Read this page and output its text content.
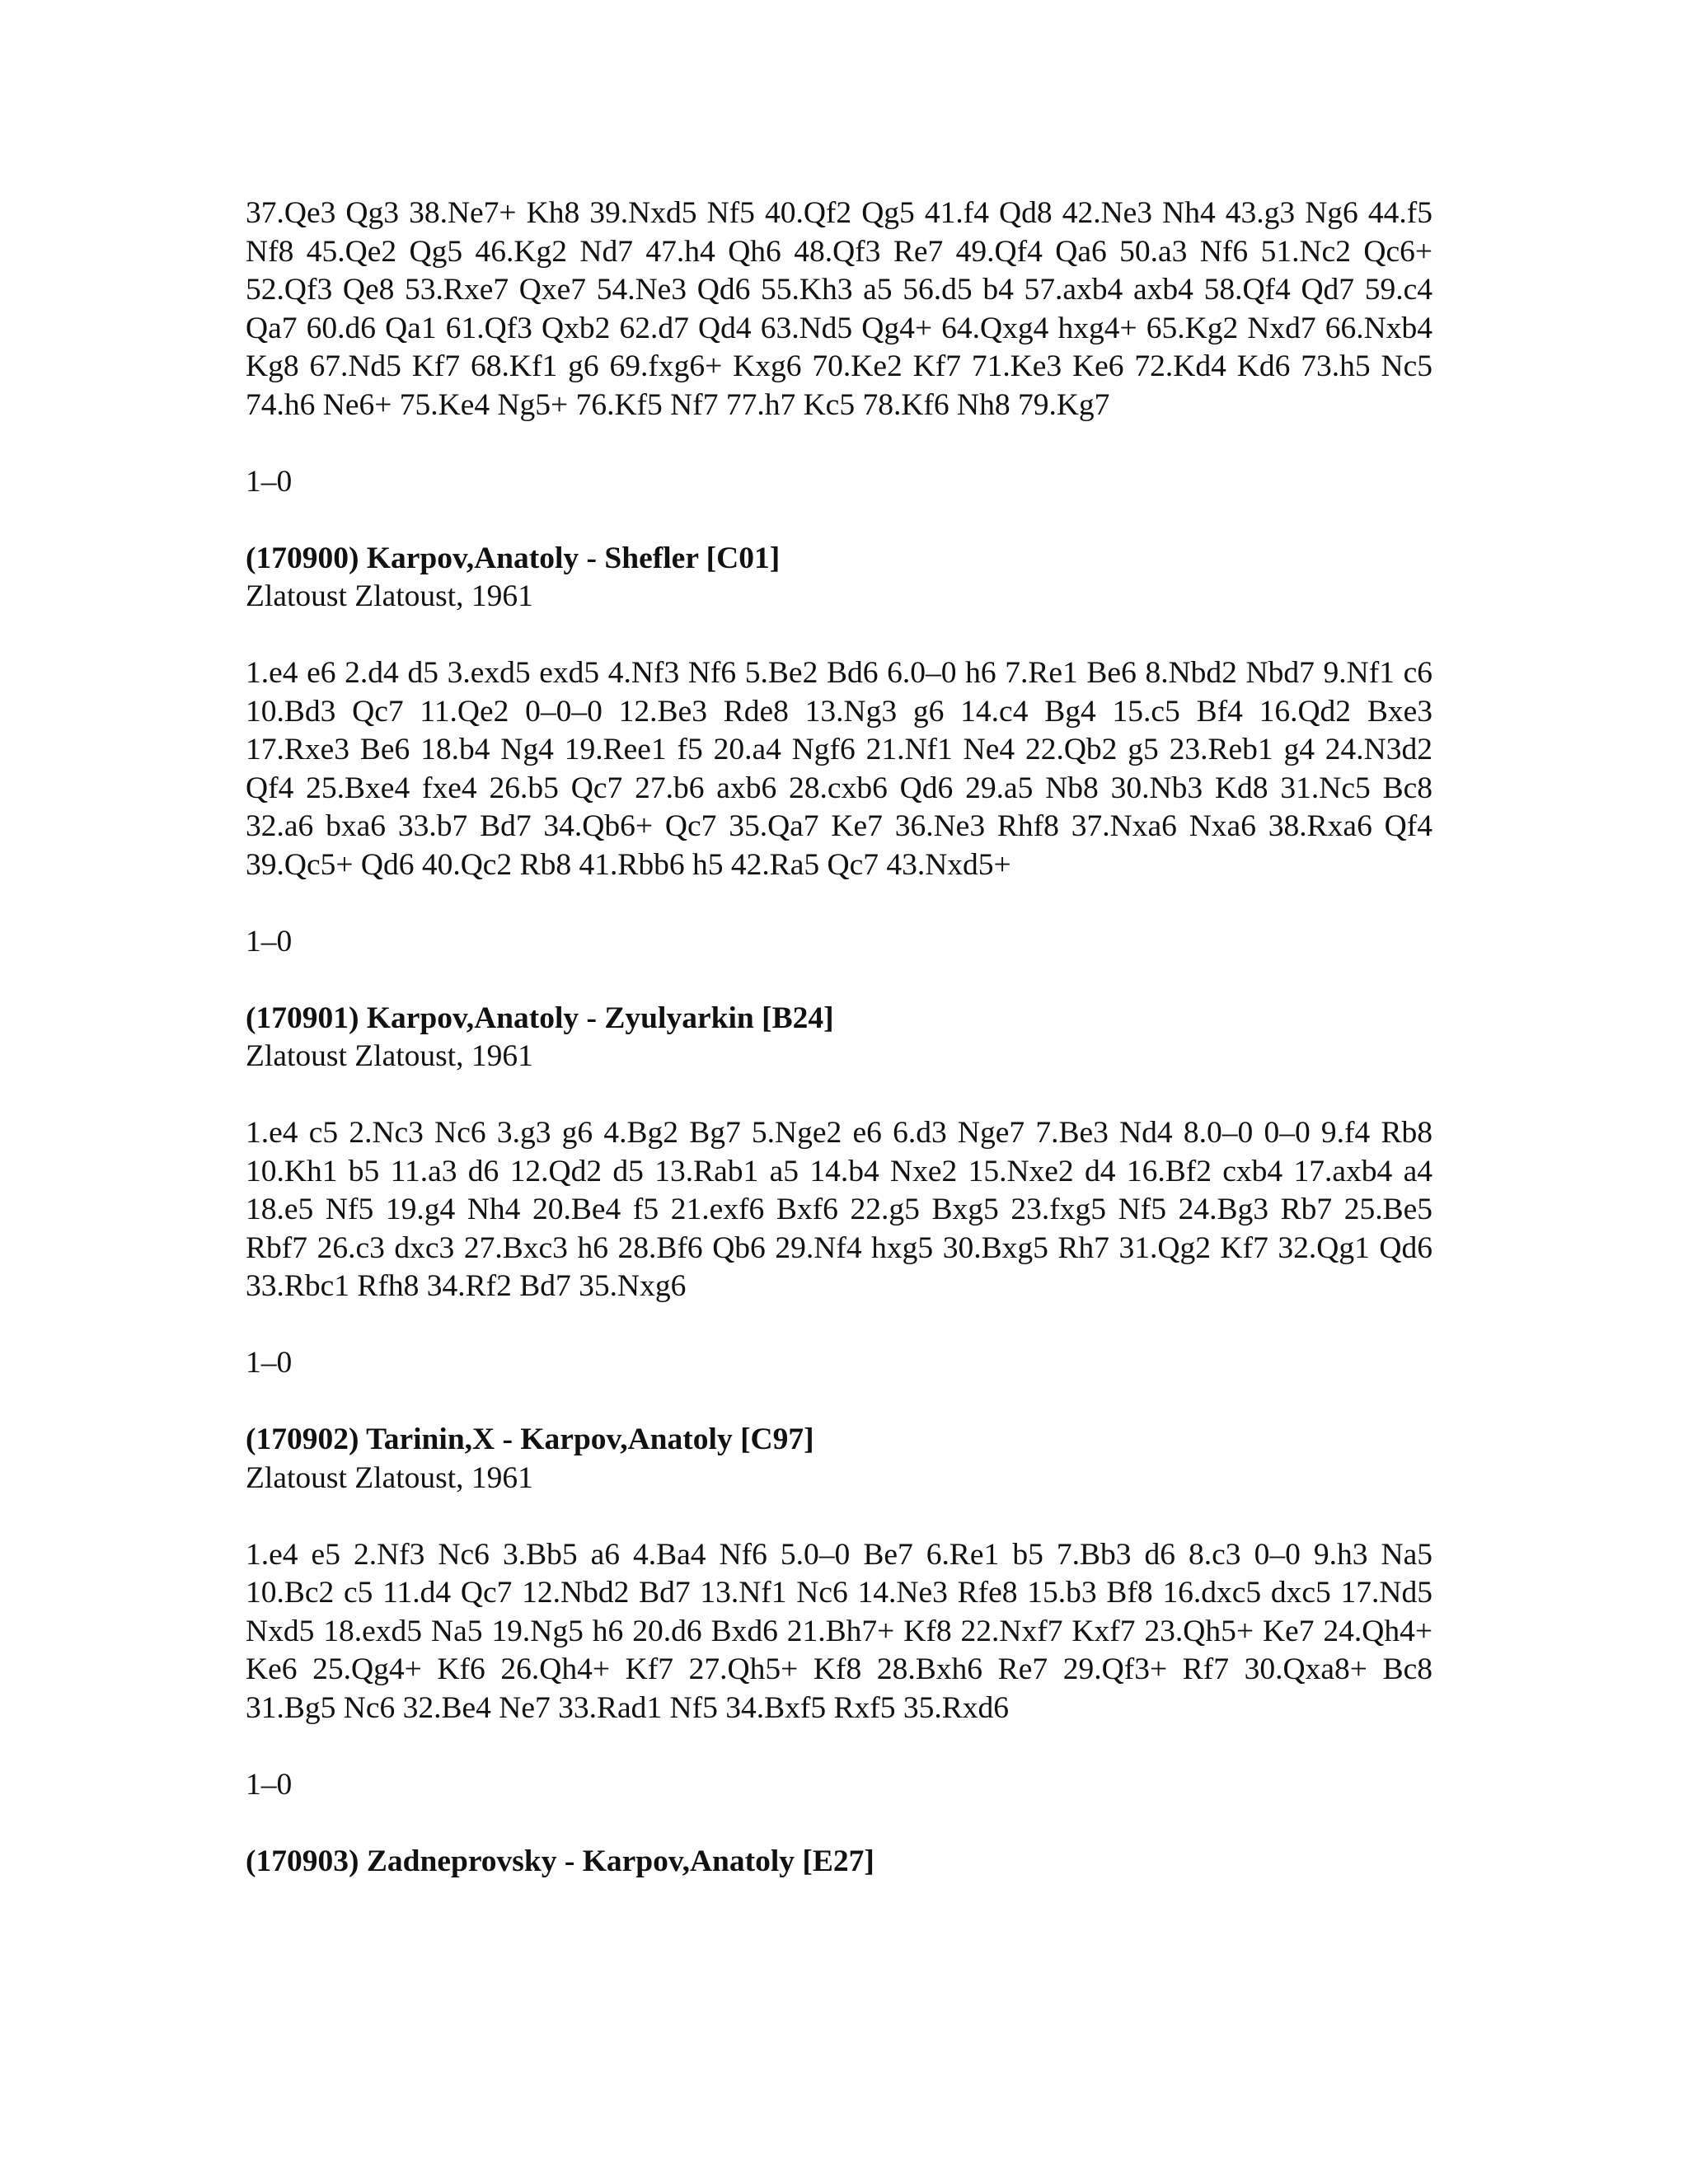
37.Qe3 Qg3 38.Ne7+ Kh8 39.Nxd5 Nf5 40.Qf2 Qg5 41.f4 Qd8 42.Ne3 Nh4 43.g3 Ng6 44.f5 Nf8 45.Qe2 Qg5 46.Kg2 Nd7 47.h4 Qh6 48.Qf3 Re7 49.Qf4 Qa6 50.a3 Nf6 51.Nc2 Qc6+ 52.Qf3 Qe8 53.Rxe7 Qxe7 54.Ne3 Qd6 55.Kh3 a5 56.d5 b4 57.axb4 axb4 58.Qf4 Qd7 59.c4 Qa7 60.d6 Qa1 61.Qf3 Qxb2 62.d7 Qd4 63.Nd5 Qg4+ 64.Qxg4 hxg4+ 65.Kg2 Nxd7 66.Nxb4 Kg8 67.Nd5 Kf7 68.Kf1 g6 69.fxg6+ Kxg6 70.Ke2 Kf7 71.Ke3 Ke6 72.Kd4 Kd6 73.h5 Nc5 74.h6 Ne6+ 75.Ke4 Ng5+ 76.Kf5 Nf7 77.h7 Kc5 78.Kf6 Nh8 79.Kg7

1–0

(170900) Karpov,Anatoly - Shefler [C01]

Zlatoust Zlatoust, 1961

1.e4 e6 2.d4 d5 3.exd5 exd5 4.Nf3 Nf6 5.Be2 Bd6 6.0–0 h6 7.Re1 Be6 8.Nbd2 Nbd7 9.Nf1 c6 10.Bd3 Qc7 11.Qe2 0–0–0 12.Be3 Rde8 13.Ng3 g6 14.c4 Bg4 15.c5 Bf4 16.Qd2 Bxe3 17.Rxe3 Be6 18.b4 Ng4 19.Ree1 f5 20.a4 Ngf6 21.Nf1 Ne4 22.Qb2 g5 23.Reb1 g4 24.N3d2 Qf4 25.Bxe4 fxe4 26.b5 Qc7 27.b6 axb6 28.cxb6 Qd6 29.a5 Nb8 30.Nb3 Kd8 31.Nc5 Bc8 32.a6 bxa6 33.b7 Bd7 34.Qb6+ Qc7 35.Qa7 Ke7 36.Ne3 Rhf8 37.Nxa6 Nxa6 38.Rxa6 Qf4 39.Qc5+ Qd6 40.Qc2 Rb8 41.Rbb6 h5 42.Ra5 Qc7 43.Nxd5+

1–0

(170901) Karpov,Anatoly - Zyulyarkin [B24]

Zlatoust Zlatoust, 1961

1.e4 c5 2.Nc3 Nc6 3.g3 g6 4.Bg2 Bg7 5.Nge2 e6 6.d3 Nge7 7.Be3 Nd4 8.0–0 0–0 9.f4 Rb8 10.Kh1 b5 11.a3 d6 12.Qd2 d5 13.Rab1 a5 14.b4 Nxe2 15.Nxe2 d4 16.Bf2 cxb4 17.axb4 a4 18.e5 Nf5 19.g4 Nh4 20.Be4 f5 21.exf6 Bxf6 22.g5 Bxg5 23.fxg5 Nf5 24.Bg3 Rb7 25.Be5 Rbf7 26.c3 dxc3 27.Bxc3 h6 28.Bf6 Qb6 29.Nf4 hxg5 30.Bxg5 Rh7 31.Qg2 Kf7 32.Qg1 Qd6 33.Rbc1 Rfh8 34.Rf2 Bd7 35.Nxg6

1–0

(170902) Tarinin,X - Karpov,Anatoly [C97]

Zlatoust Zlatoust, 1961

1.e4 e5 2.Nf3 Nc6 3.Bb5 a6 4.Ba4 Nf6 5.0–0 Be7 6.Re1 b5 7.Bb3 d6 8.c3 0–0 9.h3 Na5 10.Bc2 c5 11.d4 Qc7 12.Nbd2 Bd7 13.Nf1 Nc6 14.Ne3 Rfe8 15.b3 Bf8 16.dxc5 dxc5 17.Nd5 Nxd5 18.exd5 Na5 19.Ng5 h6 20.d6 Bxd6 21.Bh7+ Kf8 22.Nxf7 Kxf7 23.Qh5+ Ke7 24.Qh4+ Ke6 25.Qg4+ Kf6 26.Qh4+ Kf7 27.Qh5+ Kf8 28.Bxh6 Re7 29.Qf3+ Rf7 30.Qxa8+ Bc8 31.Bg5 Nc6 32.Be4 Ne7 33.Rad1 Nf5 34.Bxf5 Rxf5 35.Rxd6

1–0

(170903) Zadneprovsky - Karpov,Anatoly [E27]
